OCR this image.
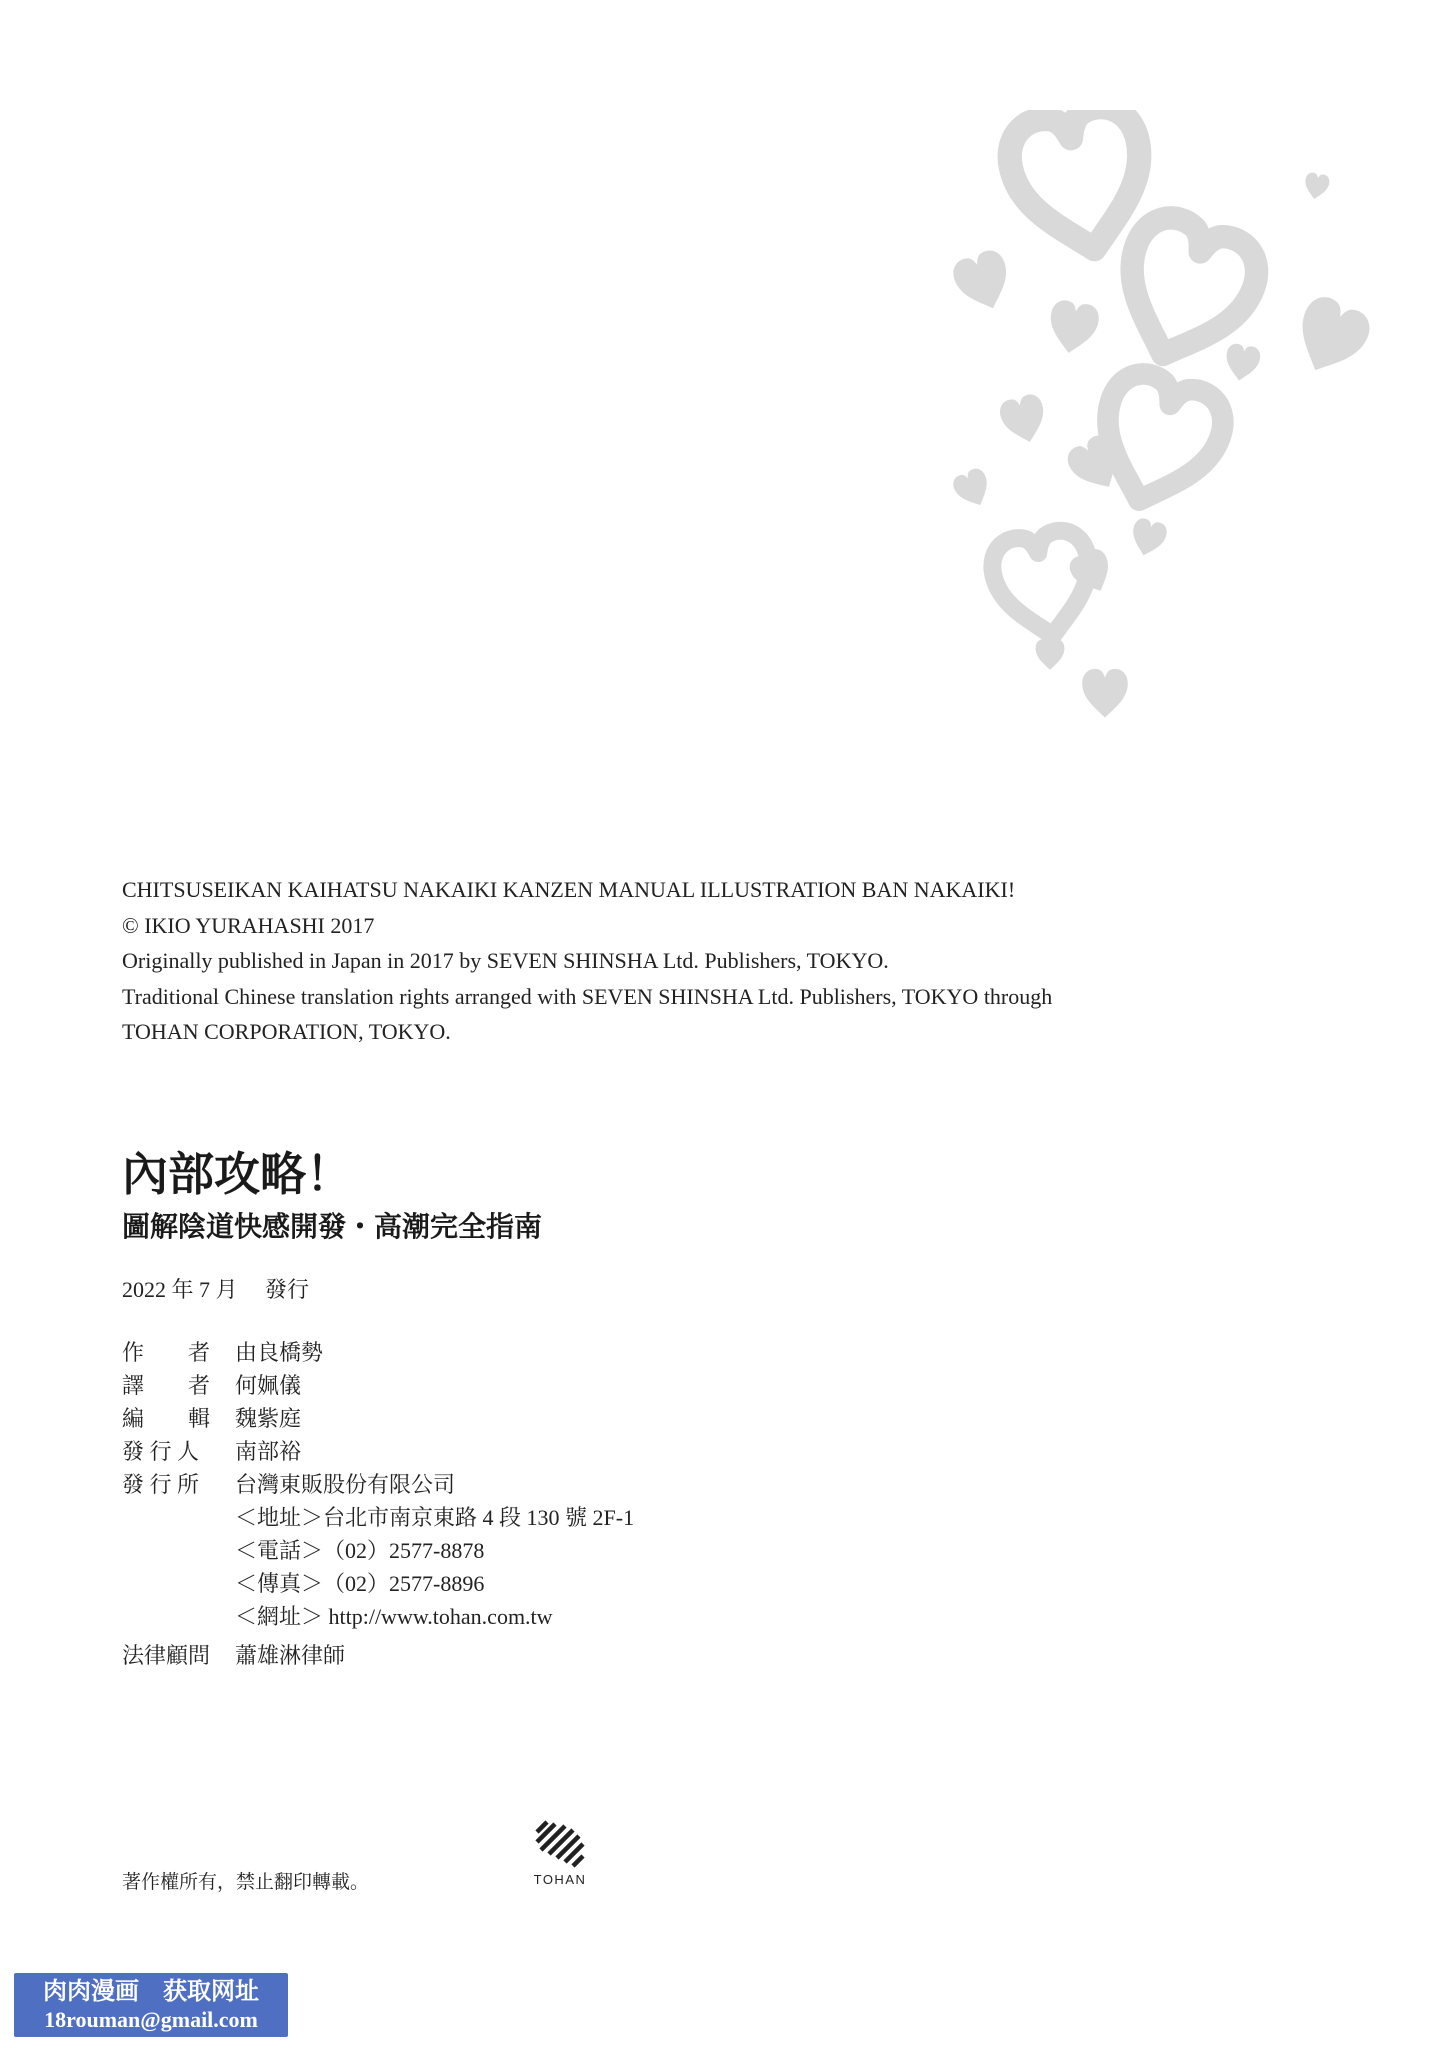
CHITSUSEIKAN KAIHATSU NAKAIKI KANZEN MANUAL ILLUSTRATION BAN NAKAIKI!
© IKIO YURAHASHI 2017
Originally published in Japan in 2017 by SEVEN SHINSHA Ltd. Publishers, TOKYO.
Traditional Chinese translation rights arranged with SEVEN SHINSHA Ltd. Publishers, TOKYO through
TOHAN CORPORATION, TOKYO.
內部攻略！
圖解陰道快感開發・高潮完全指南
2022 年 7 月　 發行
作　　者	由良橋勢
譯　　者	何姵儀
編　　輯	魏紫庭
發 行 人	南部裕
發 行 所	台灣東販股份有限公司
＜地址＞台北市南京東路 4 段 130 號 2F-1
＜電話＞（02）2577-8878
＜傳真＞（02）2577-8896
＜網址＞ http://www.tohan.com.tw
法律顧問	蕭雄淋律師
著作權所有，禁止翻印轉載。	TOHAN
肉肉漫画　获取网址
18rouman@gmail.com
